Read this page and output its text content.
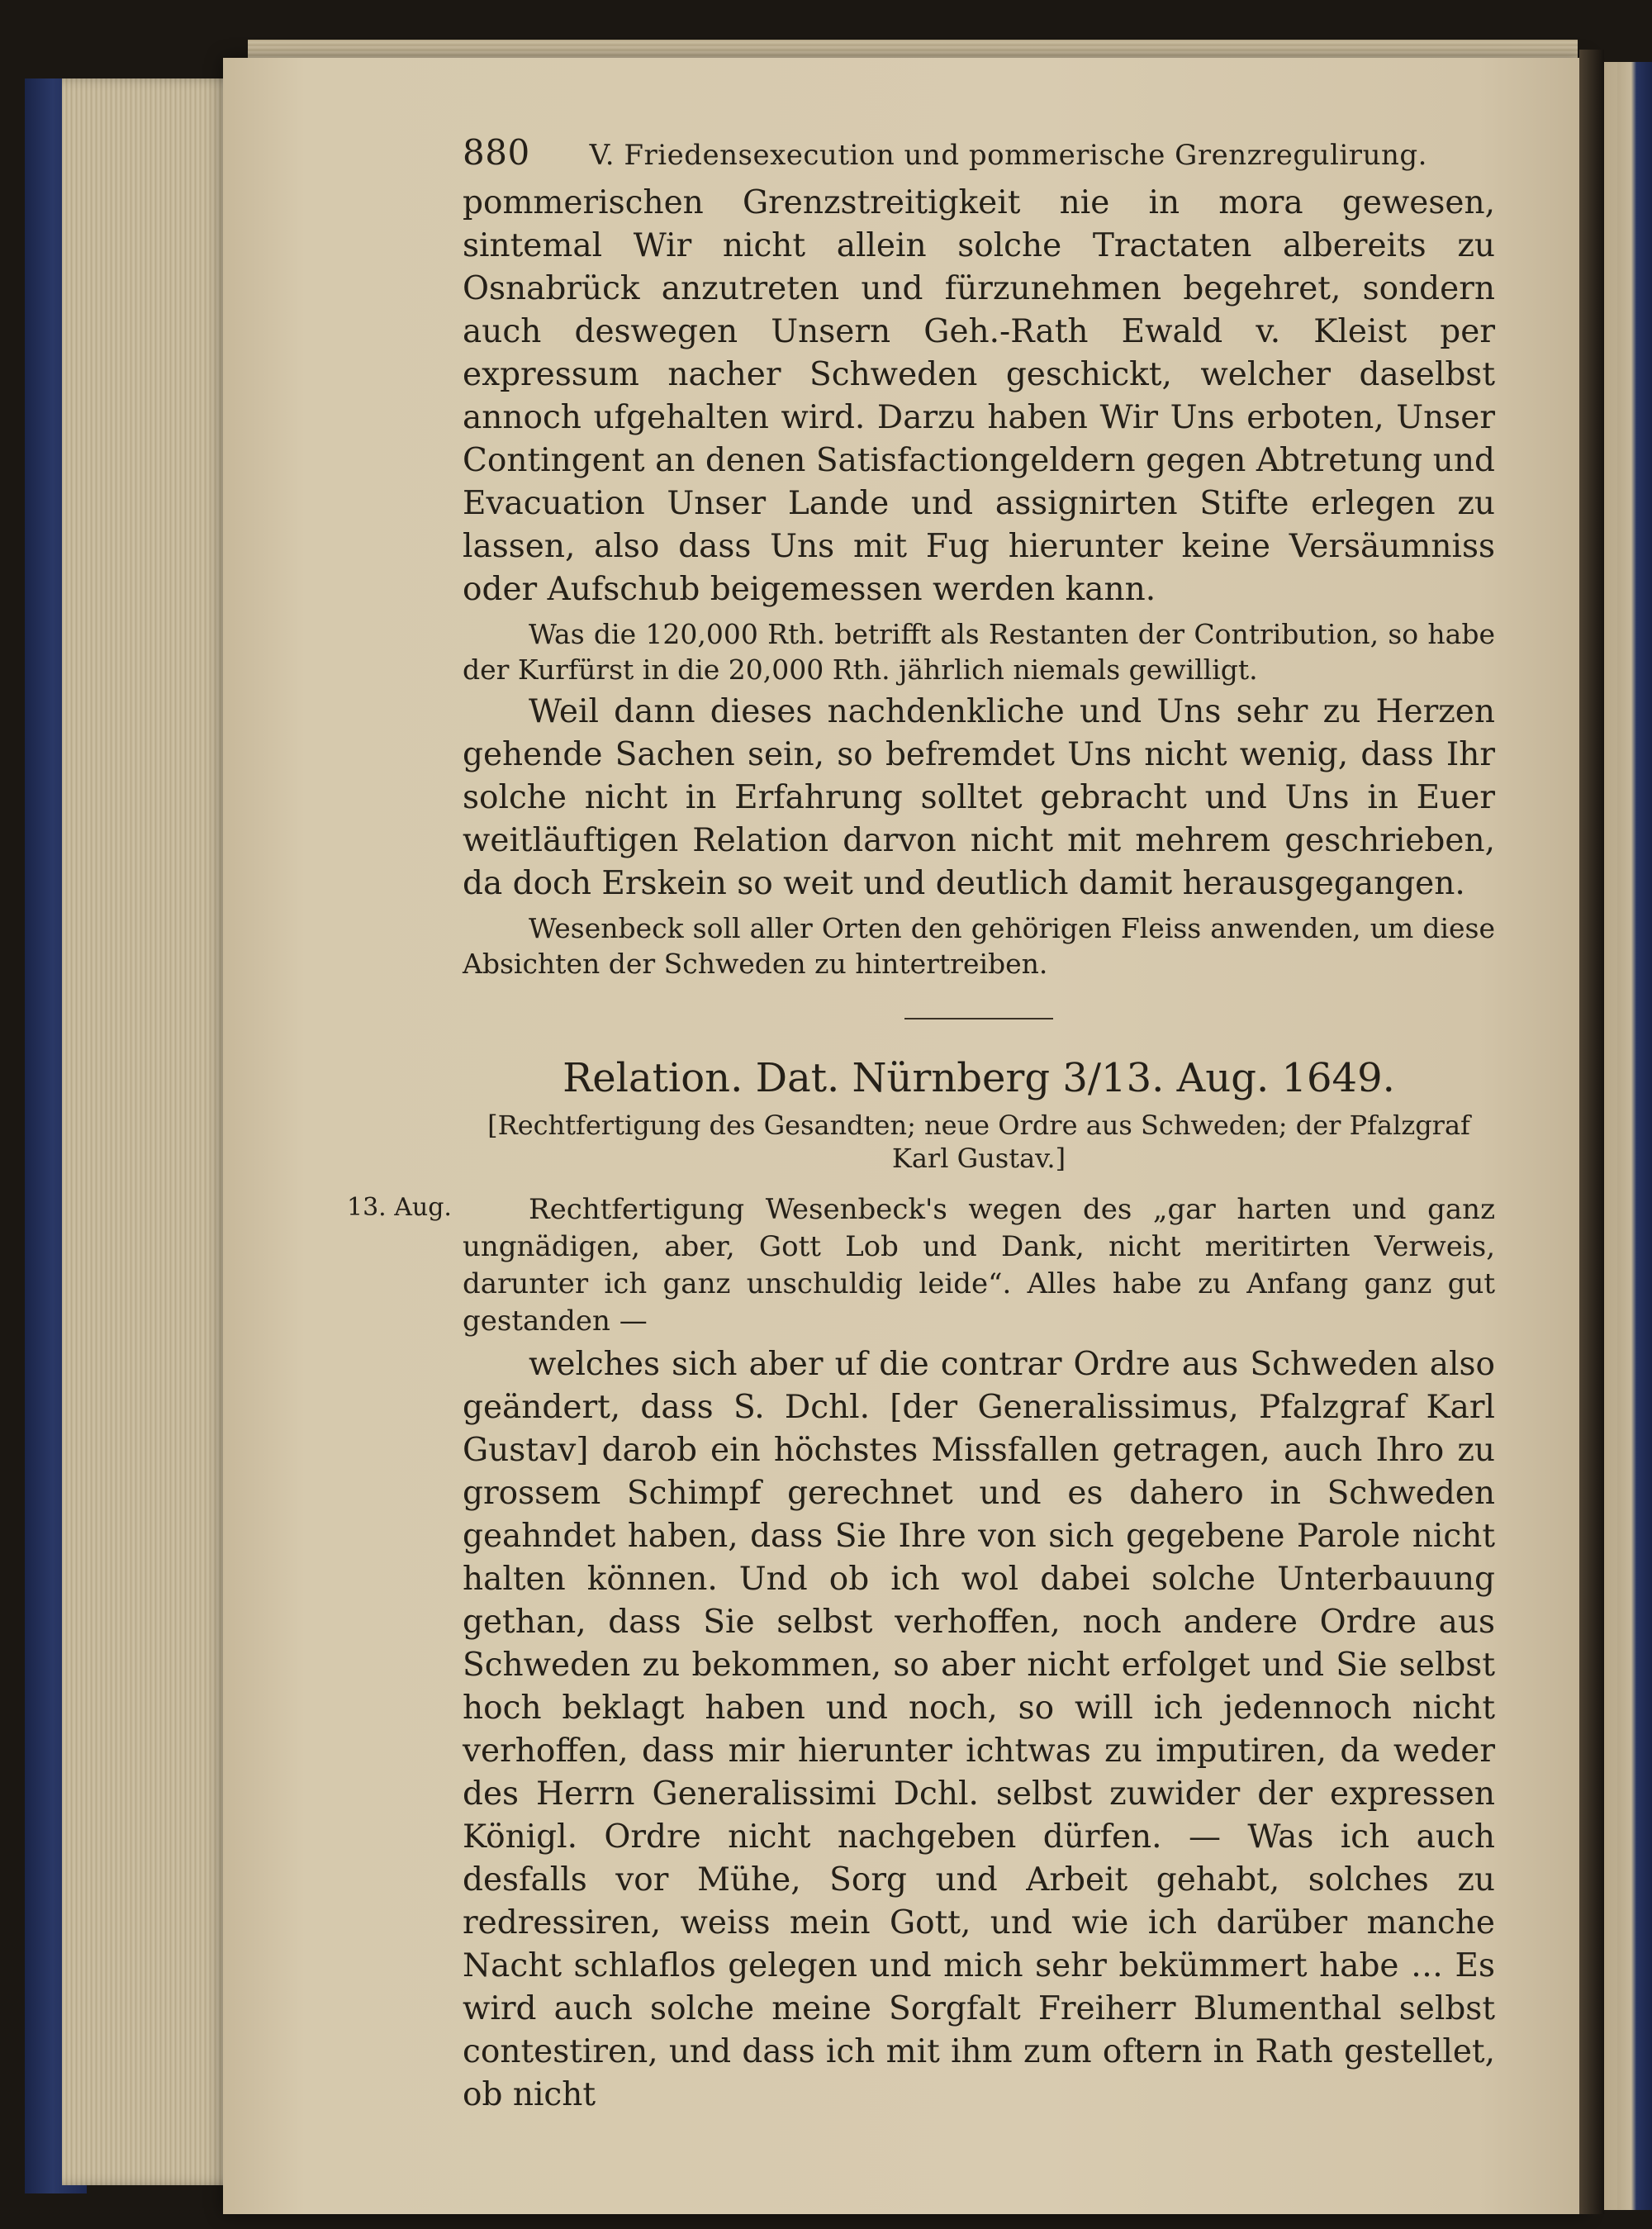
880 V. Friedensexecution und pommerische Grenzregulirung.

pommerischen Grenzstreitigkeit nie in mora gewesen, sintemal Wir nicht allein solche Tractaten albereits zu Osnabrück anzutreten und fürzunehmen begehret, sondern auch deswegen Unsern Geh.-Rath Ewald v. Kleist per expressum nacher Schweden geschickt, welcher daselbst annoch ufgehalten wird. Darzu haben Wir Uns erboten, Unser Contingent an denen Satisfactiongeldern gegen Abtretung und Evacuation Unser Lande und assignirten Stifte erlegen zu lassen, also dass Uns mit Fug hierunter keine Versäumniss oder Aufschub beigemessen werden kann.

Was die 120,000 Rth. betrifft als Restanten der Contribution, so habe der Kurfürst in die 20,000 Rth. jährlich niemals gewilligt.

Weil dann dieses nachdenkliche und Uns sehr zu Herzen gehende Sachen sein, so befremdet Uns nicht wenig, dass Ihr solche nicht in Erfahrung solltet gebracht und Uns in Euer weitläuftigen Relation darvon nicht mit mehrem geschrieben, da doch Erskein so weit und deutlich damit herausgegangen.

Wesenbeck soll aller Orten den gehörigen Fleiss anwenden, um diese Absichten der Schweden zu hintertreiben.

Relation. Dat. Nürnberg 3/13. Aug. 1649.

[Rechtfertigung des Gesandten; neue Ordre aus Schweden; der Pfalzgraf Karl Gustav.]

13. Aug.	Rechtfertigung Wesenbeck's wegen des „gar harten und ganz ungnädigen, aber, Gott Lob und Dank, nicht meritirten Verweis, darunter ich ganz unschuldig leide“. Alles habe zu Anfang ganz gut gestanden —

welches sich aber uf die contrar Ordre aus Schweden also geändert, dass S. Dchl. [der Generalissimus, Pfalzgraf Karl Gustav] darob ein höchstes Missfallen getragen, auch Ihro zu grossem Schimpf gerechnet und es dahero in Schweden geahndet haben, dass Sie Ihre von sich gegebene Parole nicht halten können. Und ob ich wol dabei solche Unterbauung gethan, dass Sie selbst verhoffen, noch andere Ordre aus Schweden zu bekommen, so aber nicht erfolget und Sie selbst hoch beklagt haben und noch, so will ich jedennoch nicht verhoffen, dass mir hierunter ichtwas zu imputiren, da weder des Herrn Generalissimi Dchl. selbst zuwider der expressen Königl. Ordre nicht nachgeben dürfen. — Was ich auch desfalls vor Mühe, Sorg und Arbeit gehabt, solches zu redressiren, weiss mein Gott, und wie ich darüber manche Nacht schlaflos gelegen und mich sehr bekümmert habe … Es wird auch solche meine Sorgfalt Freiherr Blumenthal selbst contestiren, und dass ich mit ihm zum oftern in Rath gestellet, ob nicht
